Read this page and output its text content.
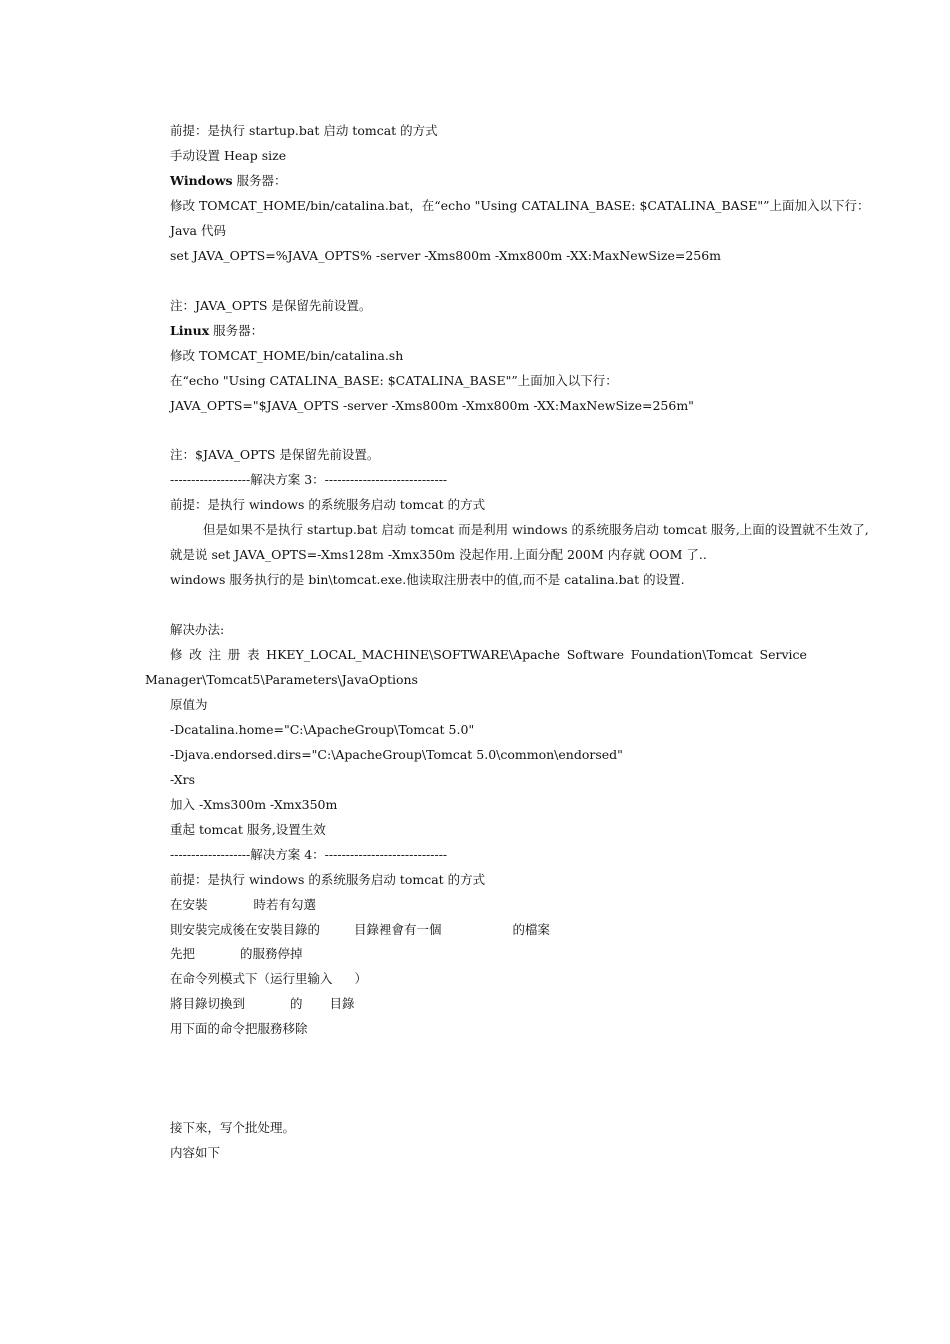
前提：是执行 startup.bat 启动 tomcat 的方式
手动设置 Heap size
Windows 服务器：
修改 TOMCAT_HOME/bin/catalina.bat，在“echo "Using CATALINA_BASE: $CATALINA_BASE"”上面加入以下行：
Java 代码
set JAVA_OPTS=%JAVA_OPTS% -server -Xms800m -Xmx800m -XX:MaxNewSize=256m
注：JAVA_OPTS 是保留先前设置。
Linux 服务器：
修改 TOMCAT_HOME/bin/catalina.sh
在“echo "Using CATALINA_BASE: $CATALINA_BASE"”上面加入以下行：
JAVA_OPTS="$JAVA_OPTS -server -Xms800m -Xmx800m -XX:MaxNewSize=256m"
注：$JAVA_OPTS 是保留先前设置。
-------------------解决方案 3：-----------------------------
前提：是执行 windows 的系统服务启动 tomcat 的方式
但是如果不是执行 startup.bat 启动 tomcat 而是利用 windows 的系统服务启动 tomcat 服务,上面的设置就不生效了,
就是说 set JAVA_OPTS=-Xms128m -Xmx350m 没起作用.上面分配 200M 内存就 OOM 了..
windows 服务执行的是 bin\tomcat.exe.他读取注册表中的值,而不是 catalina.bat 的设置.
解决办法:
修 改 注 册 表 HKEY_LOCAL_MACHINE\SOFTWARE\Apache Software Foundation\Tomcat Service
Manager\Tomcat5\Parameters\JavaOptions
原值为
-Dcatalina.home="C:\ApacheGroup\Tomcat 5.0"
-Djava.endorsed.dirs="C:\ApacheGroup\Tomcat 5.0\common\endorsed"
-Xrs
加入 -Xms300m -Xmx350m
重起 tomcat 服务,设置生效
-------------------解决方案 4：-----------------------------
前提：是执行 windows 的系统服务启动 tomcat 的方式
在安裝	時若有勾選
則安裝完成後在安裝目錄的	目錄裡會有一個	的檔案
先把	的服務停掉
在命令列模式下（运行里输入 ）
將目錄切換到	的 目錄
用下面的命令把服務移除
接下來，写个批处理。
内容如下
